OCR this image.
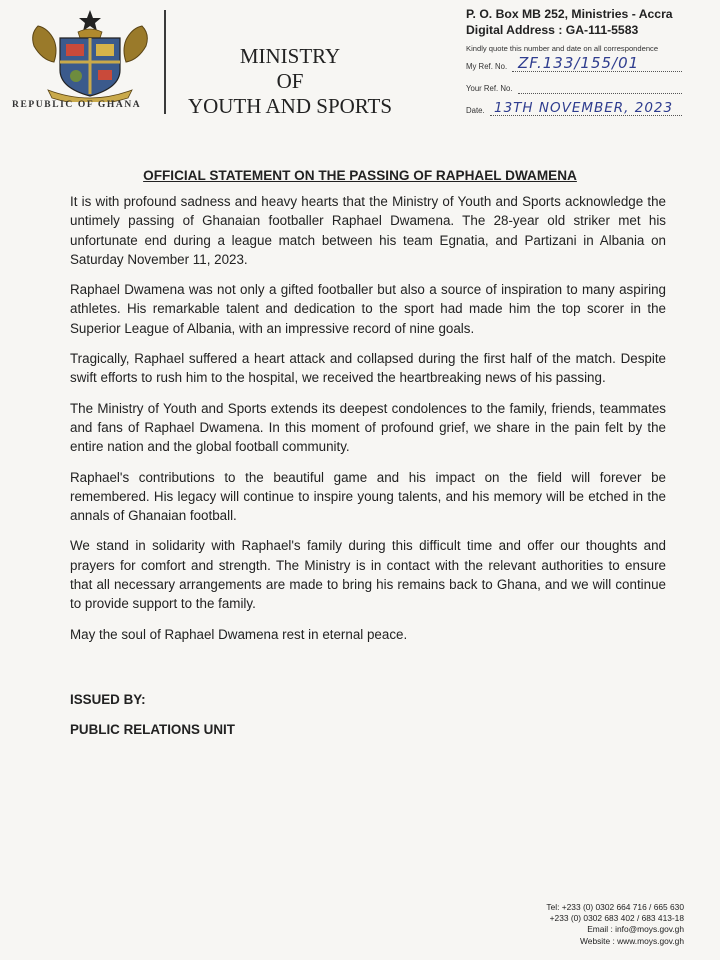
REPUBLIC OF GHANA
MINISTRY
OF
YOUTH AND SPORTS
P. O. Box MB 252, Ministries - Accra
Digital Address : GA-111-5583
Kindly quote this number and date on all correspondence
My Ref. No. ZF.133/155/01
Your Ref. No.
Date. 13TH NOVEMBER, 2023
OFFICIAL STATEMENT ON THE PASSING OF RAPHAEL DWAMENA

It is with profound sadness and heavy hearts that the Ministry of Youth and Sports acknowledge the untimely passing of Ghanaian footballer Raphael Dwamena. The 28-year old striker met his unfortunate end during a league match between his team Egnatia, and Partizani in Albania on Saturday November 11, 2023.

Raphael Dwamena was not only a gifted footballer but also a source of inspiration to many aspiring athletes. His remarkable talent and dedication to the sport had made him the top scorer in the Superior League of Albania, with an impressive record of nine goals.

Tragically, Raphael suffered a heart attack and collapsed during the first half of the match. Despite swift efforts to rush him to the hospital, we received the heartbreaking news of his passing.

The Ministry of Youth and Sports extends its deepest condolences to the family, friends, teammates and fans of Raphael Dwamena. In this moment of profound grief, we share in the pain felt by the entire nation and the global football community.

Raphael's contributions to the beautiful game and his impact on the field will forever be remembered. His legacy will continue to inspire young talents, and his memory will be etched in the annals of Ghanaian football.

We stand in solidarity with Raphael's family during this difficult time and offer our thoughts and prayers for comfort and strength. The Ministry is in contact with the relevant authorities to ensure that all necessary arrangements are made to bring his remains back to Ghana, and we will continue to provide support to the family.

May the soul of Raphael Dwamena rest in eternal peace.

ISSUED BY:
PUBLIC RELATIONS UNIT
Tel: +233 (0) 0302 664 716 / 665 630
+233 (0) 0302 683 402 / 683 413-18
Email : info@moys.gov.gh
Website : www.moys.gov.gh
